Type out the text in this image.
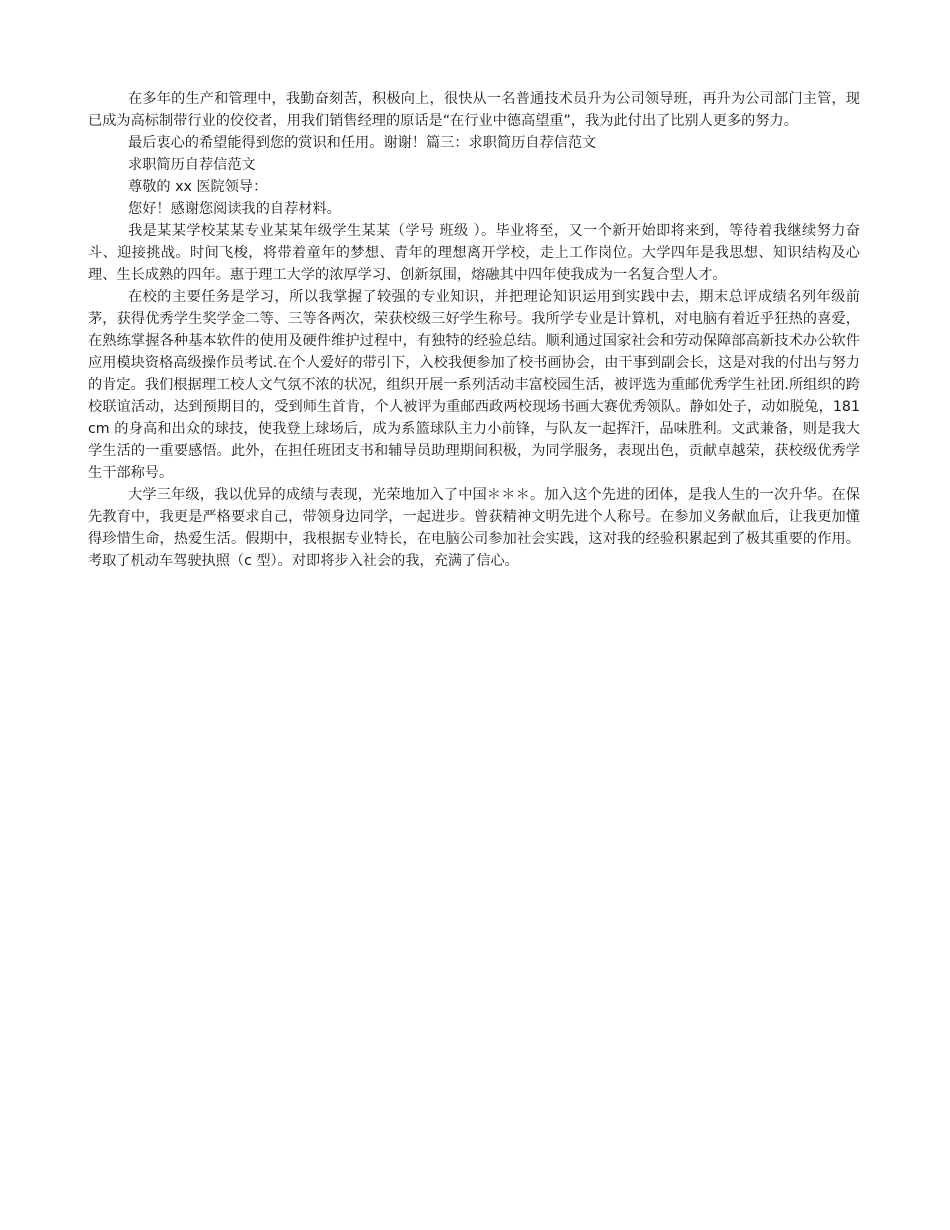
在多年的生产和管理中，我勤奋刻苦，积极向上，很快从一名普通技术员升为公司领导班，再升为公司部门主管，现已成为高标制带行业的佼佼者，用我们销售经理的原话是“在行业中德高望重”，我为此付出了比别人更多的努力。

最后衷心的希望能得到您的赏识和任用。谢谢！篇三：求职简历自荐信范文

求职简历自荐信范文

尊敬的 xx 医院领导：

您好！感谢您阅读我的自荐材料。

我是某某学校某某专业某某年级学生某某（学号 班级 ）。毕业将至，又一个新开始即将来到，等待着我继续努力奋斗、迎接挑战。时间飞梭，将带着童年的梦想、青年的理想离开学校，走上工作岗位。大学四年是我思想、知识结构及心理、生长成熟的四年。惠于理工大学的浓厚学习、创新氛围，熔融其中四年使我成为一名复合型人才。

在校的主要任务是学习，所以我掌握了较强的专业知识，并把理论知识运用到实践中去，期末总评成绩名列年级前茅，获得优秀学生奖学金二等、三等各两次，荣获校级三好学生称号。我所学专业是计算机，对电脑有着近乎狂热的喜爱，在熟练掌握各种基本软件的使用及硬件维护过程中，有独特的经验总结。顺利通过国家社会和劳动保障部高新技术办公软件应用模块资格高级操作员考试.在个人爱好的带引下，入校我便参加了校书画协会，由干事到副会长，这是对我的付出与努力的肯定。我们根据理工校人文气氛不浓的状况，组织开展一系列活动丰富校园生活，被评选为重邮优秀学生社团.所组织的跨校联谊活动，达到预期目的，受到师生首肯，个人被评为重邮西政两校现场书画大赛优秀领队。静如处子，动如脱兔，181cm 的身高和出众的球技，使我登上球场后，成为系篮球队主力小前锋，与队友一起挥汗，品味胜利。文武兼备，则是我大学生活的一重要感悟。此外，在担任班团支书和辅导员助理期间积极，为同学服务，表现出色，贡献卓越荣，获校级优秀学生干部称号。

大学三年级，我以优异的成绩与表现，光荣地加入了中国＊＊＊。加入这个先进的团体，是我人生的一次升华。在保先教育中，我更是严格要求自己，带领身边同学，一起进步。曾获精神文明先进个人称号。在参加义务献血后，让我更加懂得珍惜生命，热爱生活。假期中，我根据专业特长，在电脑公司参加社会实践，这对我的经验积累起到了极其重要的作用。考取了机动车驾驶执照（c 型）。对即将步入社会的我，充满了信心。
